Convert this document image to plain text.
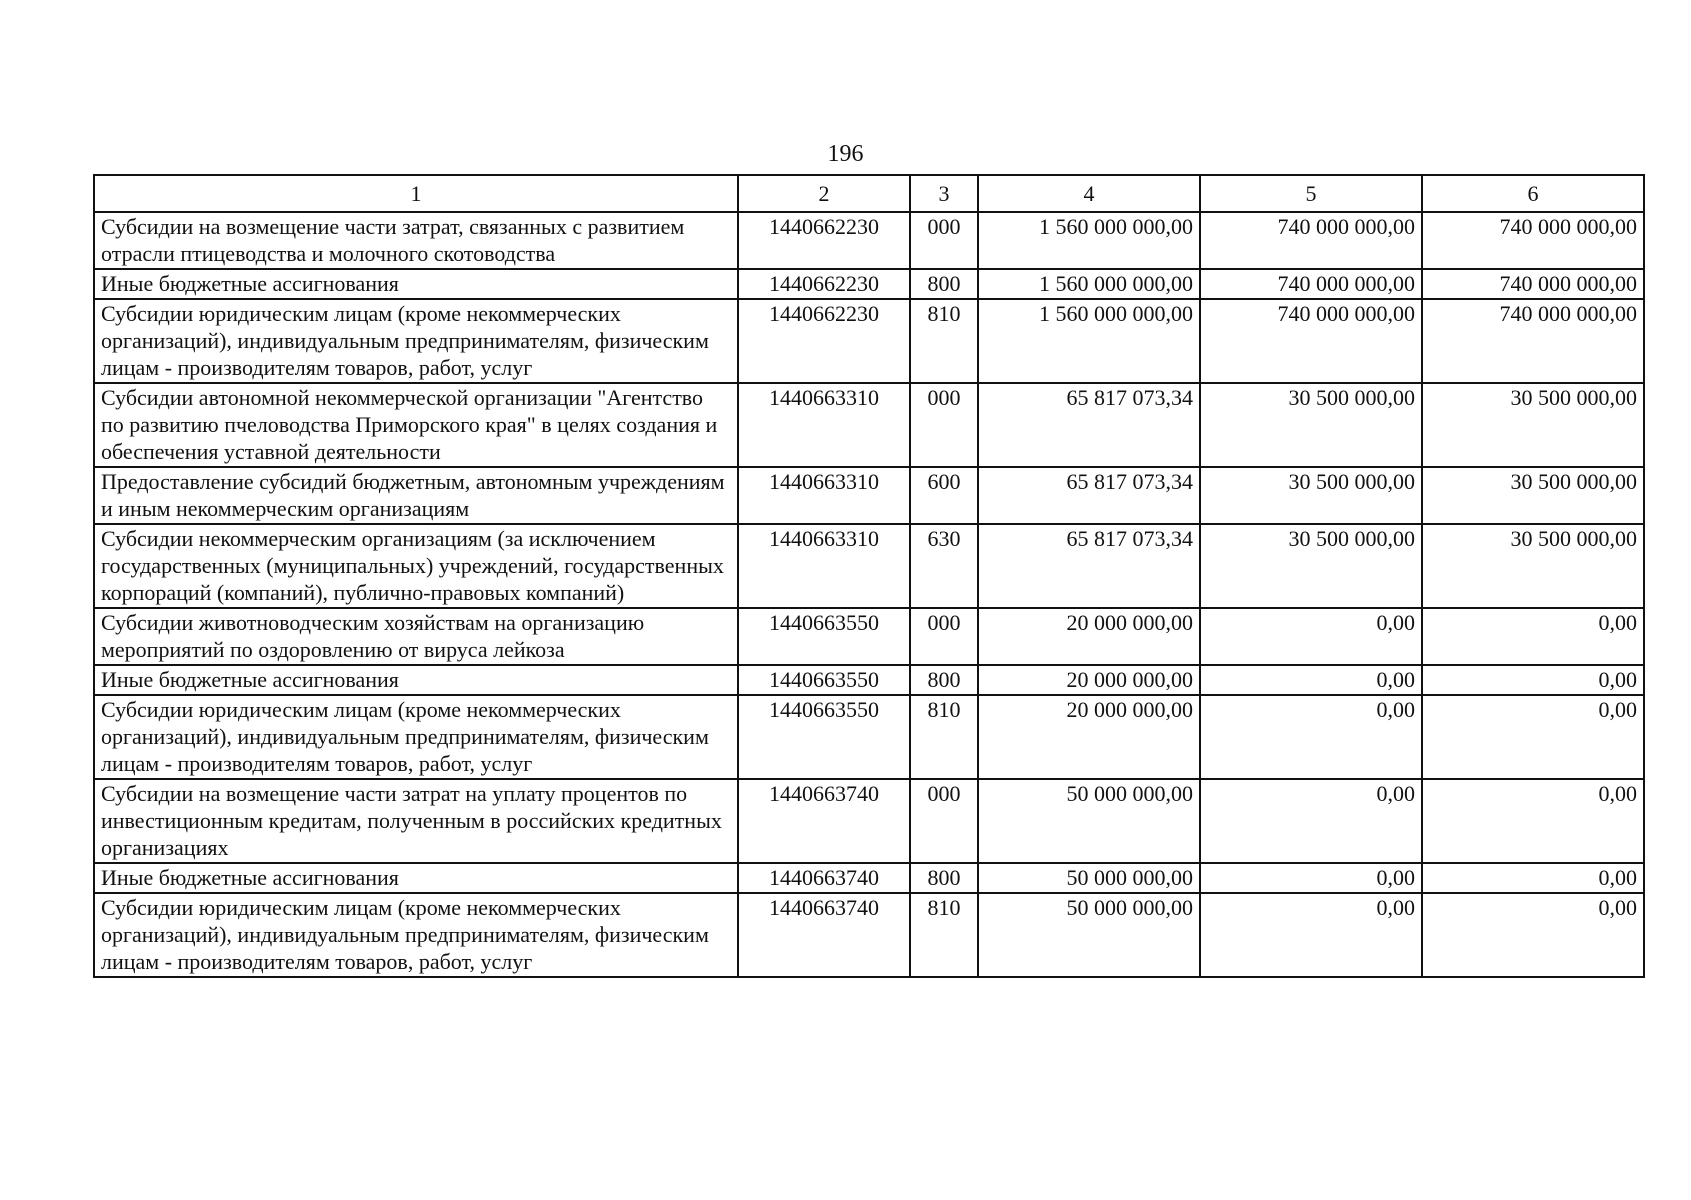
196
1	2	3	4	5	6
Субсидии на возмещение части затрат, связанных с развитием отрасли птицеводства и молочного скотоводства	1440662230	000	1 560 000 000,00	740 000 000,00	740 000 000,00
Иные бюджетные ассигнования	1440662230	800	1 560 000 000,00	740 000 000,00	740 000 000,00
Субсидии юридическим лицам (кроме некоммерческих организаций), индивидуальным предпринимателям, физическим лицам - производителям товаров, работ, услуг	1440662230	810	1 560 000 000,00	740 000 000,00	740 000 000,00
Субсидии автономной некоммерческой организации "Агентство по развитию пчеловодства Приморского края" в целях создания и обеспечения уставной деятельности	1440663310	000	65 817 073,34	30 500 000,00	30 500 000,00
Предоставление субсидий бюджетным, автономным учреждениям и иным некоммерческим организациям	1440663310	600	65 817 073,34	30 500 000,00	30 500 000,00
Субсидии некоммерческим организациям (за исключением государственных (муниципальных) учреждений, государственных корпораций (компаний), публично-правовых компаний)	1440663310	630	65 817 073,34	30 500 000,00	30 500 000,00
Субсидии животноводческим хозяйствам на организацию мероприятий по оздоровлению от вируса лейкоза	1440663550	000	20 000 000,00	0,00	0,00
Иные бюджетные ассигнования	1440663550	800	20 000 000,00	0,00	0,00
Субсидии юридическим лицам (кроме некоммерческих организаций), индивидуальным предпринимателям, физическим лицам - производителям товаров, работ, услуг	1440663550	810	20 000 000,00	0,00	0,00
Субсидии на возмещение части затрат на уплату процентов по инвестиционным кредитам, полученным в российских кредитных организациях	1440663740	000	50 000 000,00	0,00	0,00
Иные бюджетные ассигнования	1440663740	800	50 000 000,00	0,00	0,00
Субсидии юридическим лицам (кроме некоммерческих организаций), индивидуальным предпринимателям, физическим лицам - производителям товаров, работ, услуг	1440663740	810	50 000 000,00	0,00	0,00
